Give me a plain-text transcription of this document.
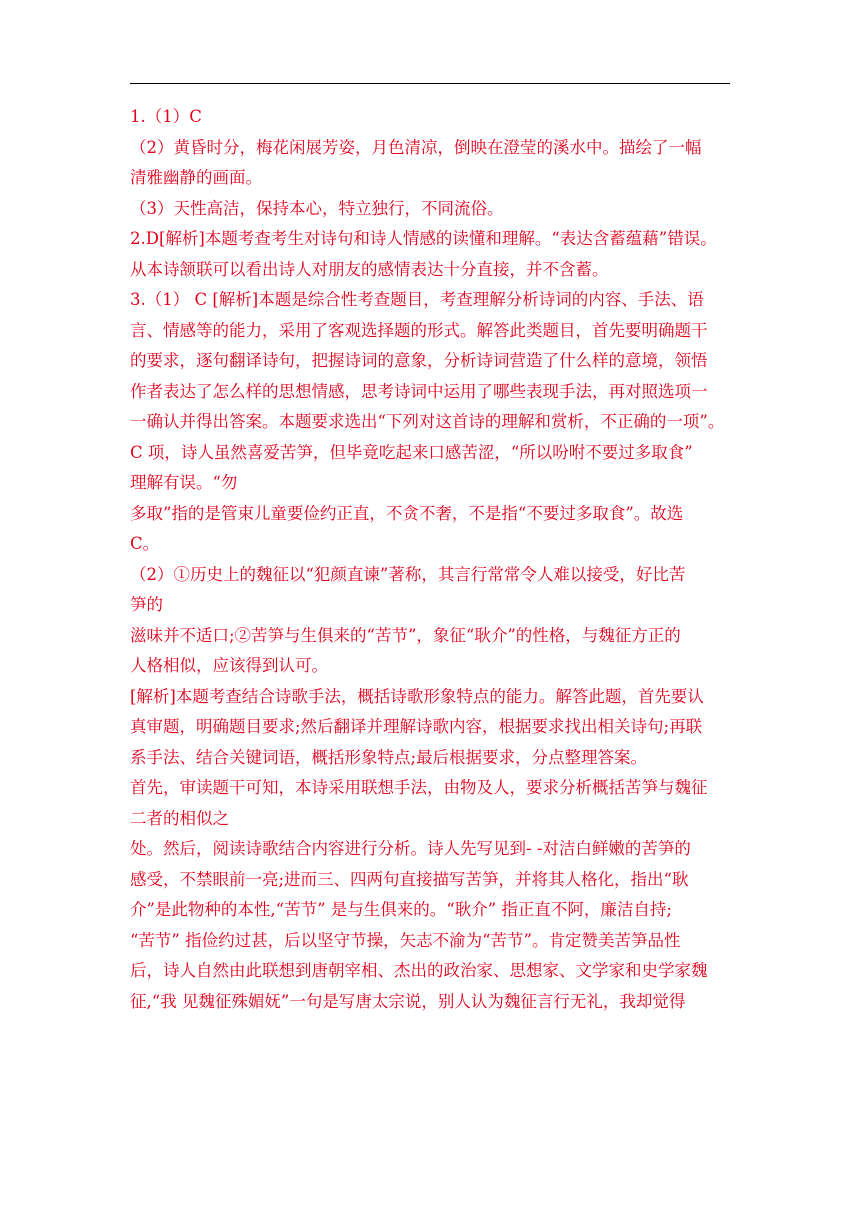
1.（1）C
（2）黄昏时分，梅花闲展芳姿，月色清凉，倒映在澄莹的溪水中。描绘了一幅
清雅幽静的画面。
（3）天性高洁，保持本心，特立独行，不同流俗。
2.D[解析]本题考查考生对诗句和诗人情感的读懂和理解。“表达含蓄蕴藉”错误。
从本诗颔联可以看出诗人对朋友的感情表达十分直接，并不含蓄。
3.（1） C [解析]本题是综合性考查题目，考查理解分析诗词的内容、手法、语
言、情感等的能力，采用了客观选择题的形式。解答此类题目，首先要明确题干
的要求，逐句翻译诗句，把握诗词的意象，分析诗词营造了什么样的意境，领悟
作者表达了怎么样的思想情感，思考诗词中运用了哪些表现手法，再对照选项一
一确认并得出答案。本题要求选出“下列对这首诗的理解和赏析，不正确的一项”。
C 项，诗人虽然喜爱苦笋，但毕竟吃起来口感苦涩，“所以吩咐不要过多取食”
理解有误。“勿
多取”指的是管束儿童要俭约正直，不贪不奢，不是指“不要过多取食”。故选
C。
（2）①历史上的魏征以“犯颜直谏”著称，其言行常常令人难以接受，好比苦
笋的
滋味并不适口;②苦笋与生俱来的“苦节”，象征“耿介”的性格，与魏征方正的
人格相似，应该得到认可。
[解析]本题考查结合诗歌手法，概括诗歌形象特点的能力。解答此题，首先要认
真审题，明确题目要求;然后翻译并理解诗歌内容，根据要求找出相关诗句;再联
系手法、结合关键词语，概括形象特点;最后根据要求，分点整理答案。
首先，审读题干可知，本诗采用联想手法，由物及人，要求分析概括苦笋与魏征
二者的相似之
处。然后，阅读诗歌结合内容进行分析。诗人先写见到- -对洁白鲜嫩的苦笋的
感受，不禁眼前一亮;进而三、四两句直接描写苦笋，并将其人格化，指出“耿
介”是此物种的本性,“苦节” 是与生俱来的。“耿介” 指正直不阿，廉洁自持;
“苦节” 指俭约过甚，后以坚守节操，矢志不渝为“苦节”。肯定赞美苦笋品性
后，诗人自然由此联想到唐朝宰相、杰出的政治家、思想家、文学家和史学家魏
征,“我 见魏征殊媚妩”一句是写唐太宗说，别人认为魏征言行无礼，我却觉得
